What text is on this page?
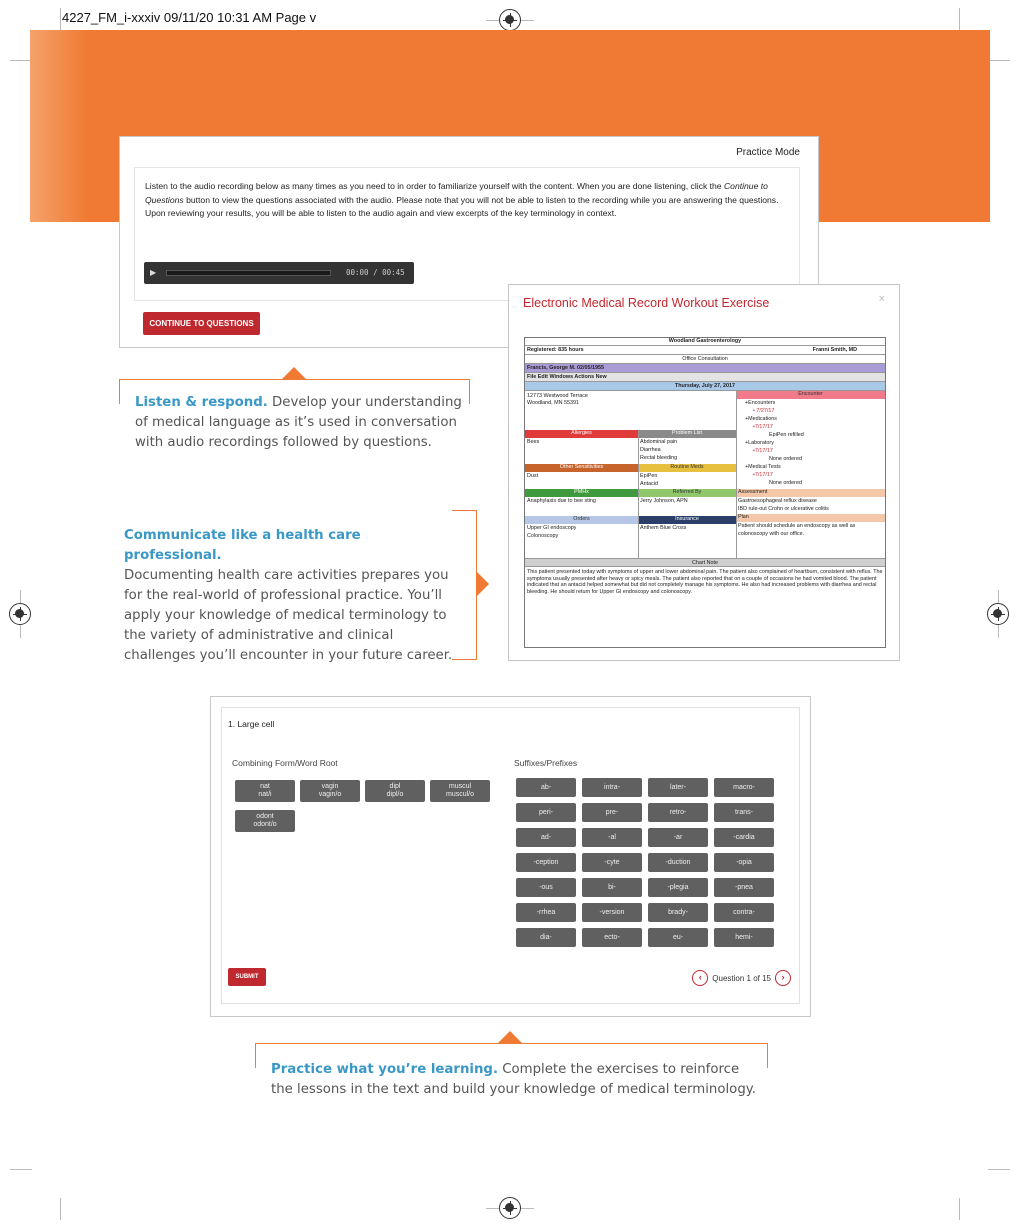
4227_FM_i-xxxiv 09/11/20 10:31 AM Page v
Practice Mode
Listen to the audio recording below as many times as you need to in order to familiarize yourself with the content. When you are done listening, click the Continue to Questions button to view the questions associated with the audio. Please note that you will not be able to listen to the recording while you are answering the questions. Upon reviewing your results, you will be able to listen to the audio again and view excerpts of the key terminology in context.
▶	00:00 / 00:45
CONTINUE TO QUESTIONS
Listen & respond. Develop your understanding of medical language as it’s used in conversation with audio recordings followed by questions.
Communicate like a health care professional.
Documenting health care activities prepares you for the real-world of professional practice. You’ll apply your knowledge of medical terminology to the variety of administrative and clinical challenges you’ll encounter in your future career.
Electronic Medical Record Workout Exercise	×
Woodland Gastroenterology
Registered: 835 hours	Franni Smith, MD
Office Consultation
Francis, George M. 02/05/1955
File Edit Windows Actions New
Thursday, July 27, 2017
12773 Westwood Terrace
Woodland, MN 55391
Allergies	Problem List
Bees	Abdominal pain
Diarrhea
Rectal bleeding
Other Sensitivities	Routine Meds
Dust	EpiPen
Antacid
PMHx	Referred By
Anaphylaxis due to bee sting	Jerry Johnson, APN
Orders	Insurance
Upper GI endoscopy
Colonoscopy
Anthem Blue Cross
Encounter
+Encounters
• 7/27/17
+Medications
•7/17/17
EpiPen refilled
+Laboratory
•7/17/17
None ordered
+Medical Tests
•7/17/17
None ordered
Assessment
Gastroesophageal reflux disease
IBD rule-out Crohn or ulcerative colitis
Plan
Patient should schedule an endoscopy as well as
colonoscopy with our office.
Chart Note
This patient presented today with symptoms of upper and lower abdominal pain. The patient also complained of heartburn, consistent with reflux. The symptoms usually presented after heavy or spicy meals. The patient also reported that on a couple of occasions he had vomited blood. The patient indicated that an antacid helped somewhat but did not completely manage his symptoms. He also had increased problems with diarrhea and rectal bleeding. He should return for Upper GI endoscopy and colonoscopy.
1. Large cell
Combining Form/Word Root	Suffixes/Prefixes
nat
nat/i
vagin
vagin/o
dipl
dipl/o
muscul
muscul/o
odont
odont/o
ab-	intra-	later-	macro-
peri-	pre-	retro-	trans-
ad-	-al	-ar	-cardia
-ception	-cyte	-duction	-opia
-ous	bi-	-plegia	-pnea
-rrhea	-version	brady-	contra-
dia-	ecto-	eu-	hemi-
SUBMIT	‹	Question 1 of 15	›
Practice what you’re learning. Complete the exercises to reinforce the lessons in the text and build your knowledge of medical terminology.
